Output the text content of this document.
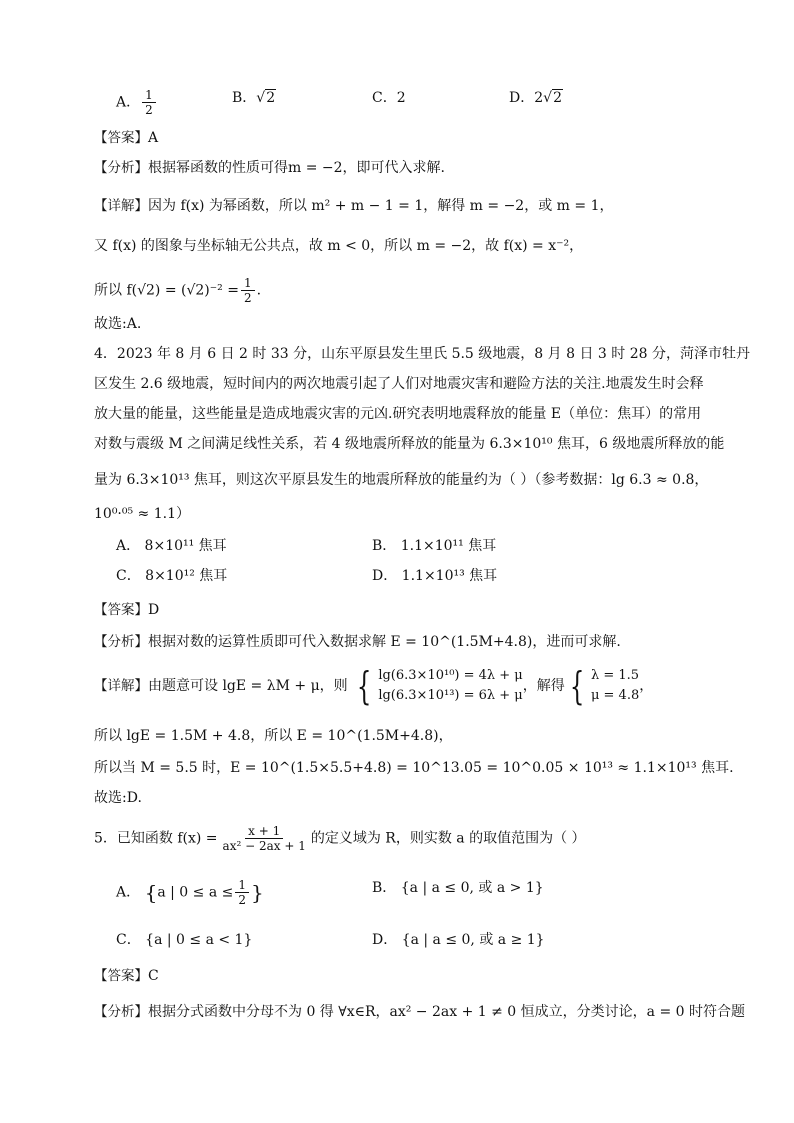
A． $\frac{1}{2}$	B．√2	C．2	D．2√2
【答案】A
【分析】根据幂函数的性质可得m = −2，即可代入求解.
【详解】因为 f(x) 为幂函数，所以 m² + m − 1 = 1，解得 m = −2，或 m = 1，
又 f(x) 的图象与坐标轴无公共点，故 m < 0，所以 m = −2，故 f(x) = x⁻²，
所以 $f(√2) = (√2)^{-2} = \frac{1}{2}$ .
故选:A.
4．2023 年 8 月 6 日 2 时 33 分，山东平原县发生里氏 5.5 级地震，8 月 8 日 3 时 28 分，菏泽市牡丹
区发生 2.6 级地震，短时间内的两次地震引起了人们对地震灾害和避险方法的关注.地震发生时会释
放大量的能量，这些能量是造成地震灾害的元凶.研究表明地震释放的能量 E（单位：焦耳）的常用
对数与震级 M 之间满足线性关系，若 4 级地震所释放的能量为 6.3×10¹⁰ 焦耳，6 级地震所释放的能
量为 6.3×10¹³ 焦耳，则这次平原县发生的地震所释放的能量约为（ ）（参考数据：lg 6.3 ≈ 0.8，
10⁰·⁰⁵ ≈ 1.1）
A． 8×10¹¹ 焦耳	B． 1.1×10¹¹ 焦耳
C． 8×10¹² 焦耳	D． 1.1×10¹³ 焦耳
【答案】D
【分析】根据对数的运算性质即可代入数据求解 E = 10^(1.5M+4.8)，进而可求解.
【详解】由题意可设 lgE = λM + μ，则 { lg(6.3×10¹⁰) = 4λ + μ
lg(6.3×10¹³) = 6λ + μ
，解得 { λ = 1.5
μ = 4.8
，
所以 lgE = 1.5M + 4.8，所以 E = 10^(1.5M+4.8)，
所以当 M = 5.5 时，E = 10^(1.5×5.5+4.8) = 10^13.05 = 10^0.05 × 10¹³ ≈ 1.1×10¹³ 焦耳.
故选:D.
5．已知函数 $f(x) = \frac{x + 1}{\text{ax² − 2ax + 1}}$ 的定义域为 R，则实数 a 的取值范围为（ ）
A． {a | $0 \le a \le \frac{1}{2}$ }	B． {a | a ≤ 0, 或 a > 1}
C． {a | 0 ≤ a < 1}	D． {a | a ≤ 0, 或 a ≥ 1}
【答案】C
【分析】根据分式函数中分母不为 0 得 ∀x∈R，ax² − 2ax + 1 ≠ 0 恒成立，分类讨论，a = 0 时符合题
